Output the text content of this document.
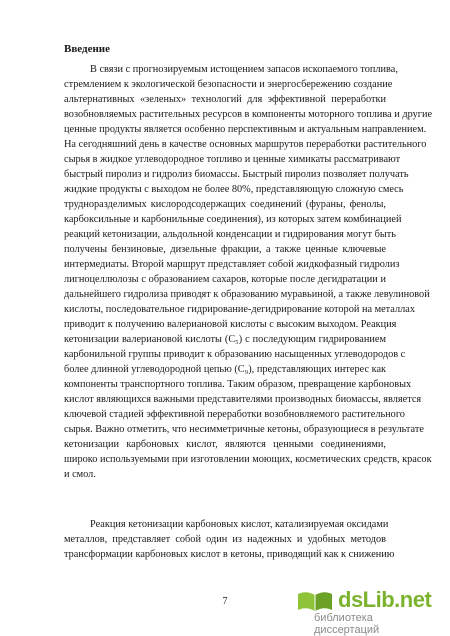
Введение
В связи с прогнозируемым истощением запасов ископаемого топлива,
стремлением к экологической безопасности и энергосбережению создание
альтернативных «зеленых» технологий для эффективной переработки
возобновляемых растительных ресурсов в компоненты моторного топлива и другие
ценные продукты является особенно перспективным и актуальным направлением.
На сегодняшний день в качестве основных маршрутов переработки растительного
сырья в жидкое углеводородное топливо и ценные химикаты рассматривают
быстрый пиролиз и гидролиз биомассы. Быстрый пиролиз позволяет получать
жидкие продукты с выходом не более 80%, представляющую сложную смесь
трудноразделимых кислородсодержащих соединений (фураны, фенолы,
карбоксильные и карбонильные соединения), из которых затем комбинацией
реакций кетонизации, альдольной конденсации и гидрирования могут быть
получены бензиновые, дизельные фракции, а также ценные ключевые
интермедиаты. Второй маршрут представляет собой жидкофазный гидролиз
лигноцеллюлозы с образованием сахаров, которые после дегидратации и
дальнейшего гидролиза приводят к образованию муравьиной, а также левулиновой
кислоты, последовательное гидрирование-дегидрирование которой на металлах
приводит к получению валериановой кислоты с высоким выходом. Реакция
кетонизации валериановой кислоты (C₅) с последующим гидрированием
карбонильной группы приводит к образованию насыщенных углеводородов с
более длинной углеводородной цепью (C₉), представляющих интерес как
компоненты транспортного топлива. Таким образом, превращение карбоновых
кислот являющихся важными представителями производных биомассы, является
ключевой стадией эффективной переработки возобновляемого растительного
сырья. Важно отметить, что несимметричные кетоны, образующиеся в результате
кетонизации карбоновых кислот, являются ценными соединениями,
широко используемыми при изготовлении моющих, косметических средств, красок
и смол.
Реакция кетонизации карбоновых кислот, катализируемая оксидами
металлов, представляет собой один из надежных и удобных методов
трансформации карбоновых кислот в кетоны, приводящий как к снижению
7	dsLib.net
библиотека диссертаций
